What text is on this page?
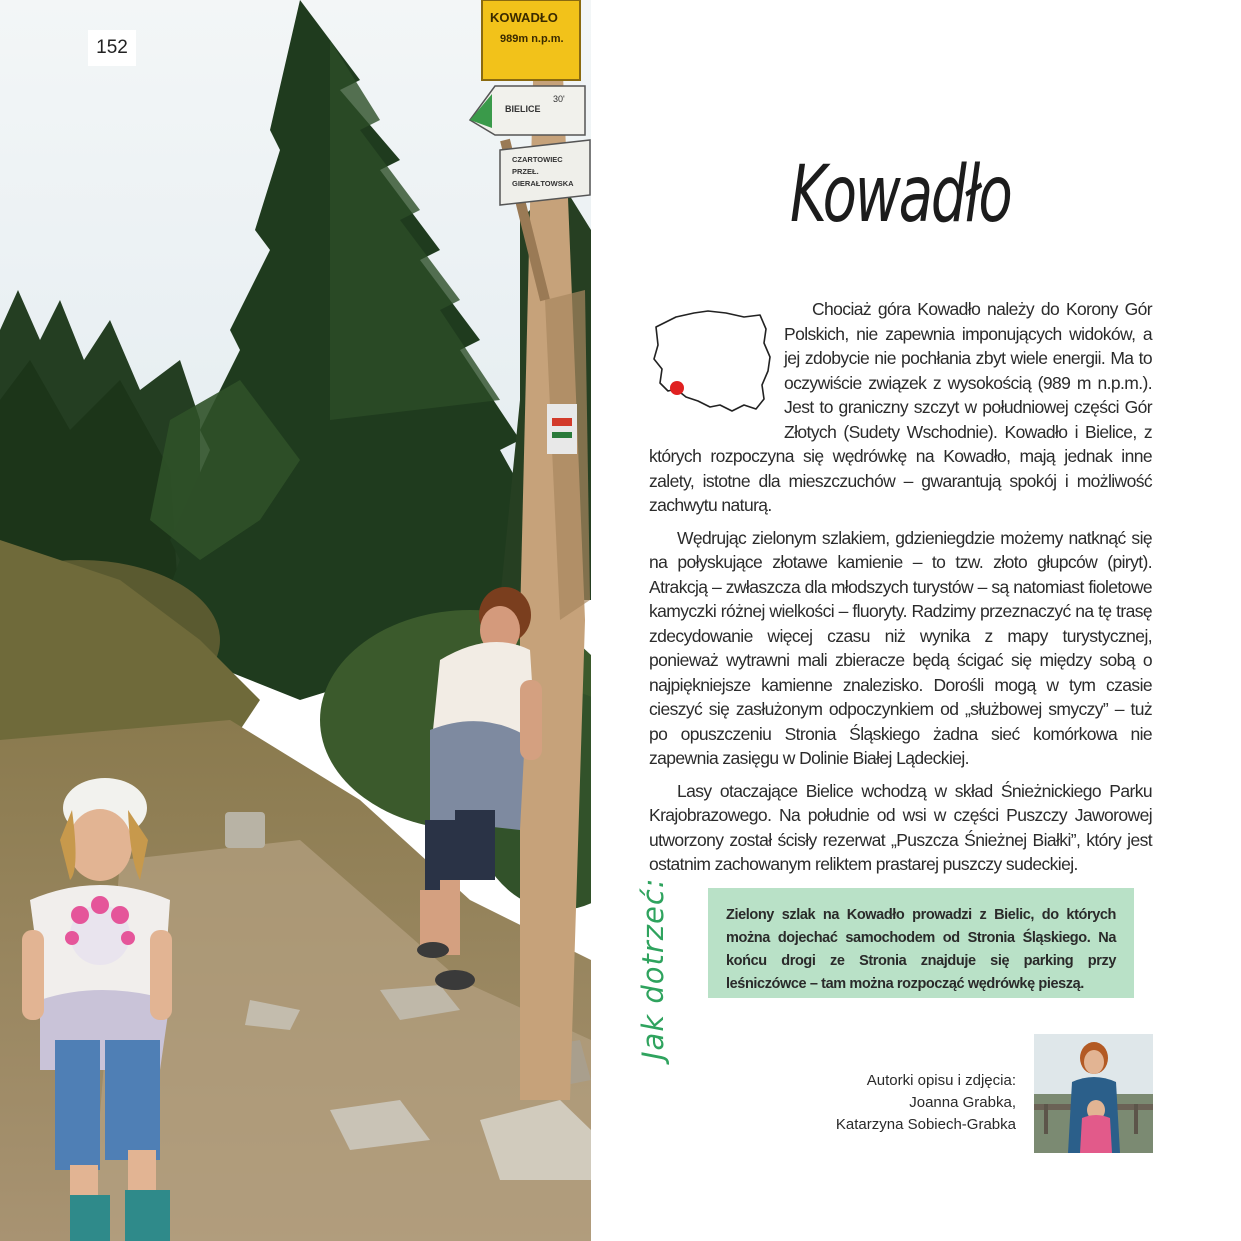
KOWADŁO
989m n.p.m.
BIELICE
30'
CZARTOWIEC
PRZEŁ.
GIERAŁTOWSKA
152
Kowadło

Chociaż góra Kowadło należy do Korony Gór Polskich, nie zapewnia imponujących widoków, a jej zdobycie nie pochłania zbyt wiele energii. Ma to oczywiście związek z wysokością (989 m n.p.m.). Jest to graniczny szczyt w południowej części Gór Złotych (Sudety Wschodnie). Kowadło i Bielice, z których rozpoczyna się wędrówkę na Kowadło, mają jednak inne zalety, istotne dla mieszczuchów – gwarantują spokój i możliwość zachwytu naturą.

Wędrując zielonym szlakiem, gdzieniegdzie możemy natknąć się na połyskujące złotawe kamienie – to tzw. złoto głupców (piryt). Atrakcją – zwłaszcza dla młodszych turystów – są natomiast fioletowe kamyczki różnej wielkości – fluoryty. Radzimy przeznaczyć na tę trasę zdecydowanie więcej czasu niż wynika z mapy turystycznej, ponieważ wytrawni mali zbieracze będą ścigać się między sobą o najpiękniejsze kamienne znalezisko. Dorośli mogą w tym czasie cieszyć się zasłużonym odpoczynkiem od „służbowej smyczy” – tuż po opuszczeniu Stronia Śląskiego żadna sieć komórkowa nie zapewnia zasięgu w Dolinie Białej Lądeckiej.

Lasy otaczające Bielice wchodzą w skład Śnieżnickiego Parku Krajobrazowego. Na południe od wsi w części Puszczy Jaworowej utworzony został ścisły rezerwat „Puszcza Śnieżnej Białki”, który jest ostatnim zachowanym reliktem prastarej puszczy sudeckiej.

Jak dotrzeć:	Zielony szlak na Kowadło prowadzi z Bielic, do których można dojechać samochodem od Stronia Śląskiego. Na końcu drogi ze Stronia znajduje się parking przy leśniczówce – tam można rozpocząć wędrówkę pieszą.
Autorki opisu i zdjęcia:
Joanna Grabka,
Katarzyna Sobiech-Grabka
